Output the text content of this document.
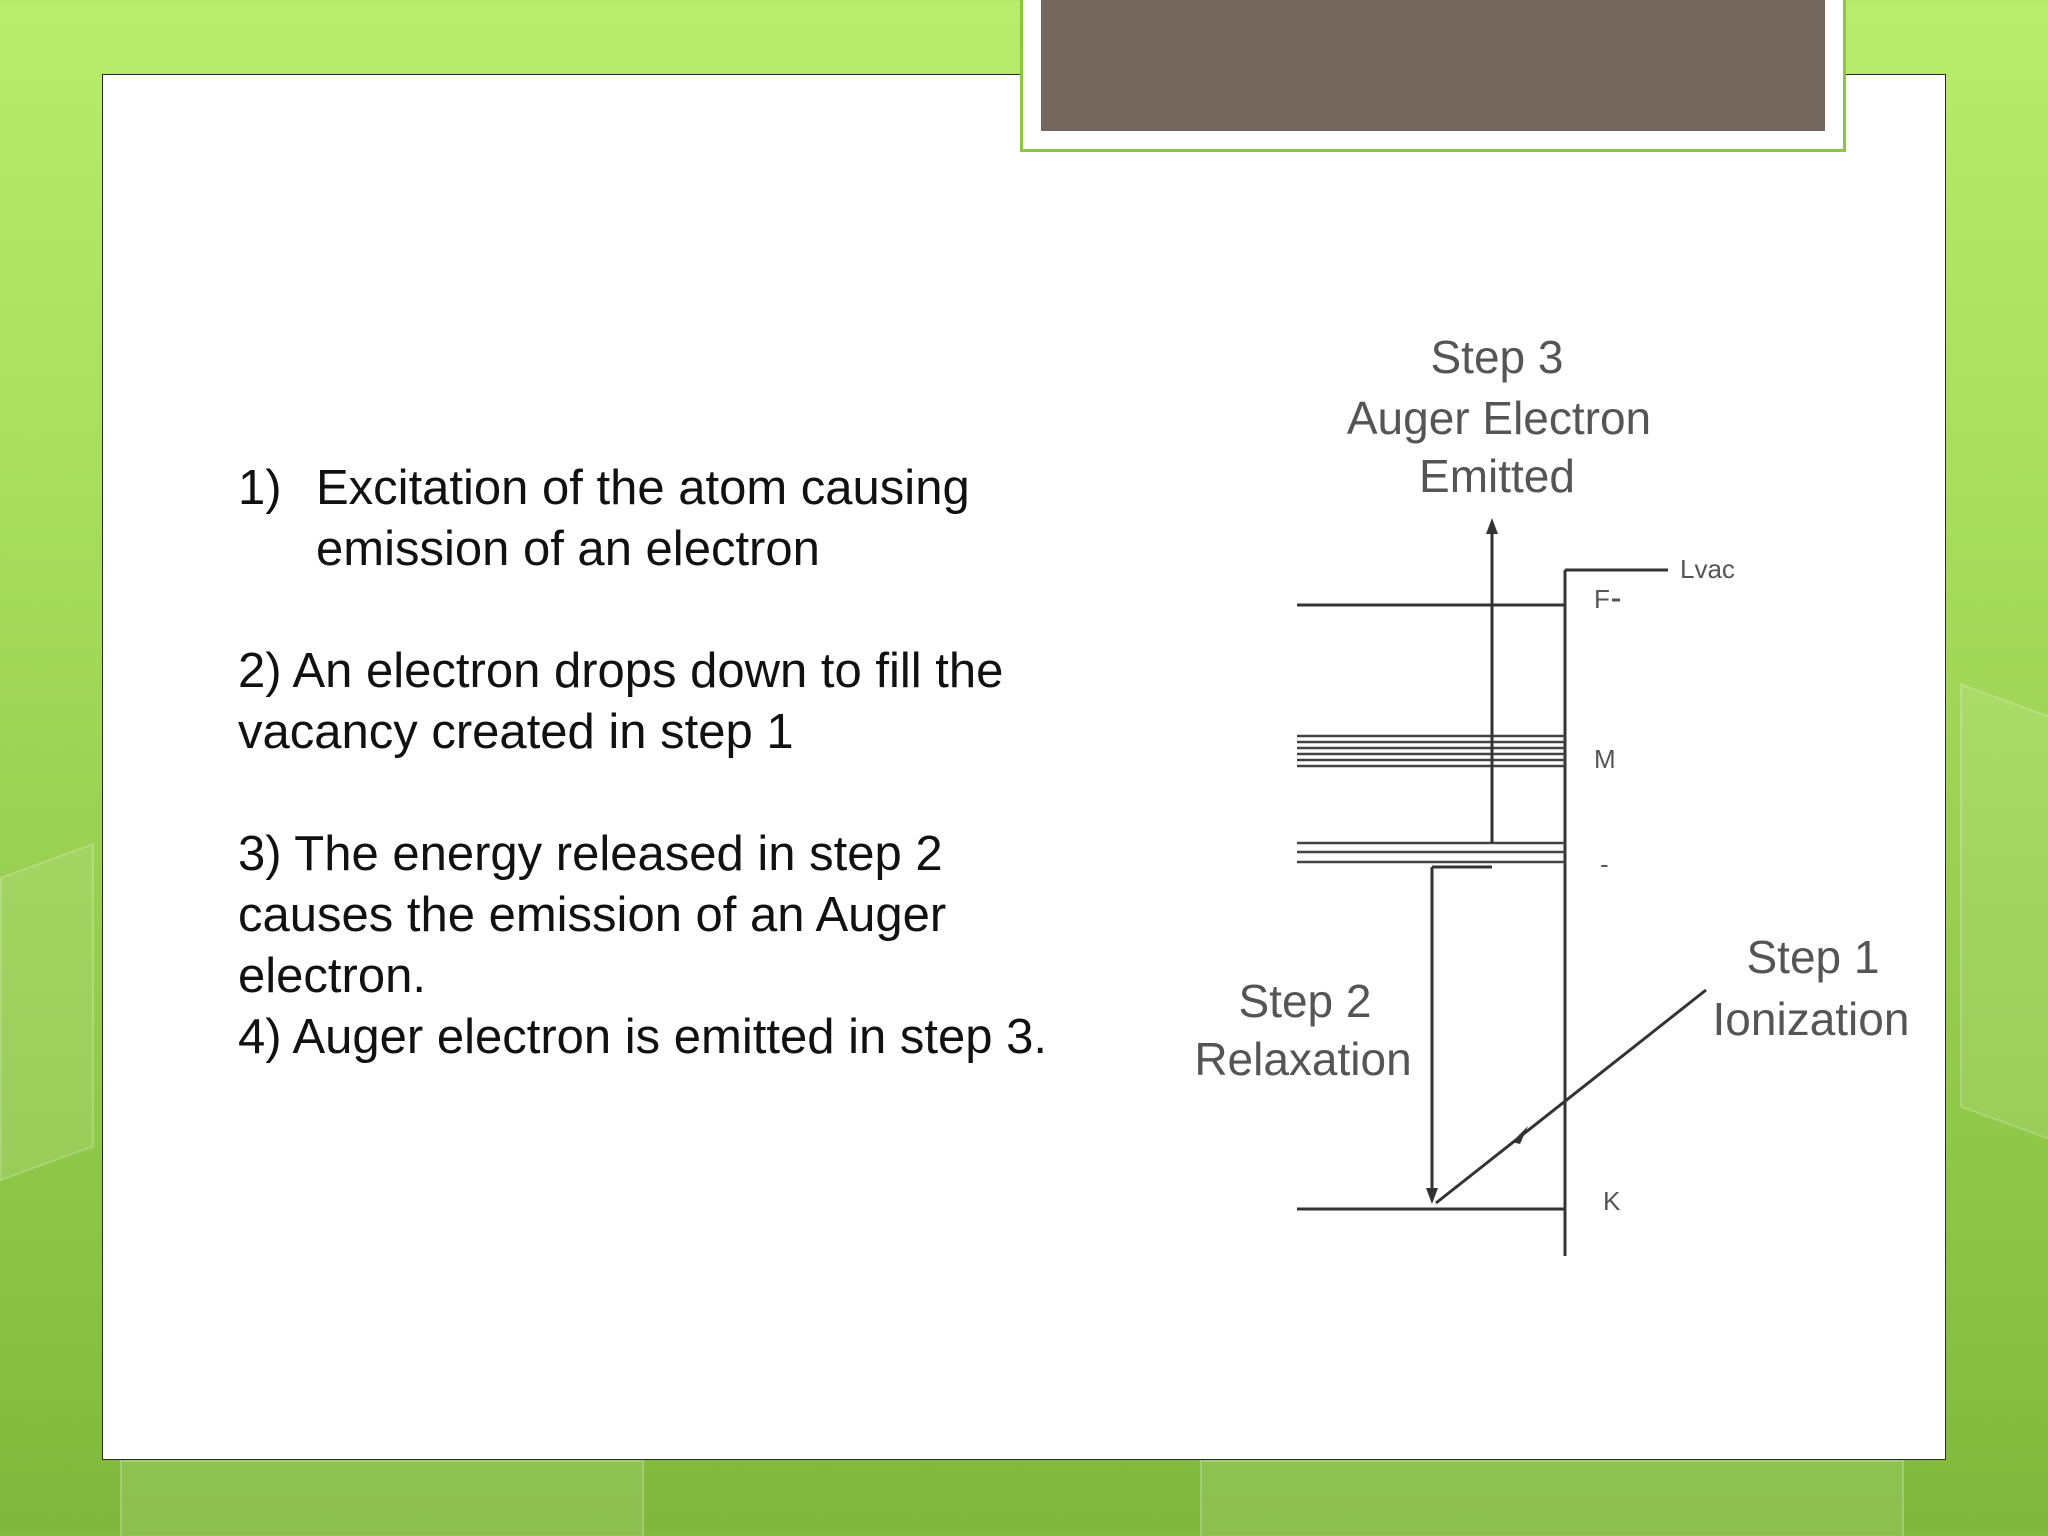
1) Excitation of the atom causing emission of an electron
2) An electron drops down to fill the vacancy created in step 1
3) The energy released in step 2 causes the emission of an Auger electron.
4) Auger electron is emitted in step 3.
Step 3
Auger Electron
Emitted
Step 2
Relaxation
Step 1
Ionization
Lvac
F
M
-
K
